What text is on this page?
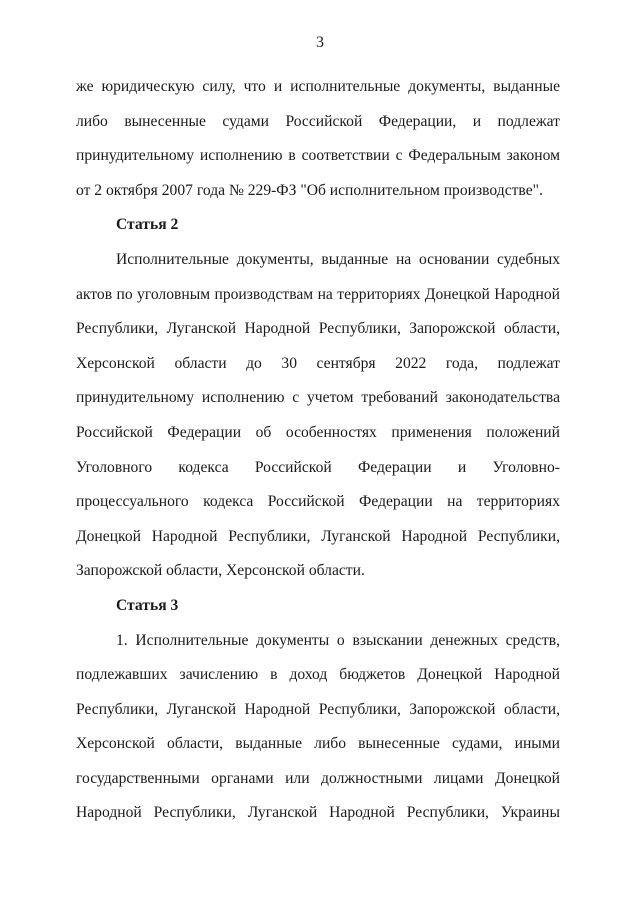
3

же юридическую силу, что и исполнительные документы, выданные либо вынесенные судами Российской Федерации, и подлежат принудительному исполнению в соответствии с Федеральным законом от 2 октября 2007 года № 229-ФЗ "Об исполнительном производстве".

Статья 2

Исполнительные документы, выданные на основании судебных актов по уголовным производствам на территориях Донецкой Народной Республики, Луганской Народной Республики, Запорожской области, Херсонской области до 30 сентября 2022 года, подлежат принудительному исполнению с учетом требований законодательства Российской Федерации об особенностях применения положений Уголовного кодекса Российской Федерации и Уголовно-процессуального кодекса Российской Федерации на территориях Донецкой Народной Республики, Луганской Народной Республики, Запорожской области, Херсонской области.

Статья 3

1. Исполнительные документы о взыскании денежных средств, подлежавших зачислению в доход бюджетов Донецкой Народной Республики, Луганской Народной Республики, Запорожской области, Херсонской области, выданные либо вынесенные судами, иными государственными органами или должностными лицами Донецкой Народной Республики, Луганской Народной Республики, Украины
